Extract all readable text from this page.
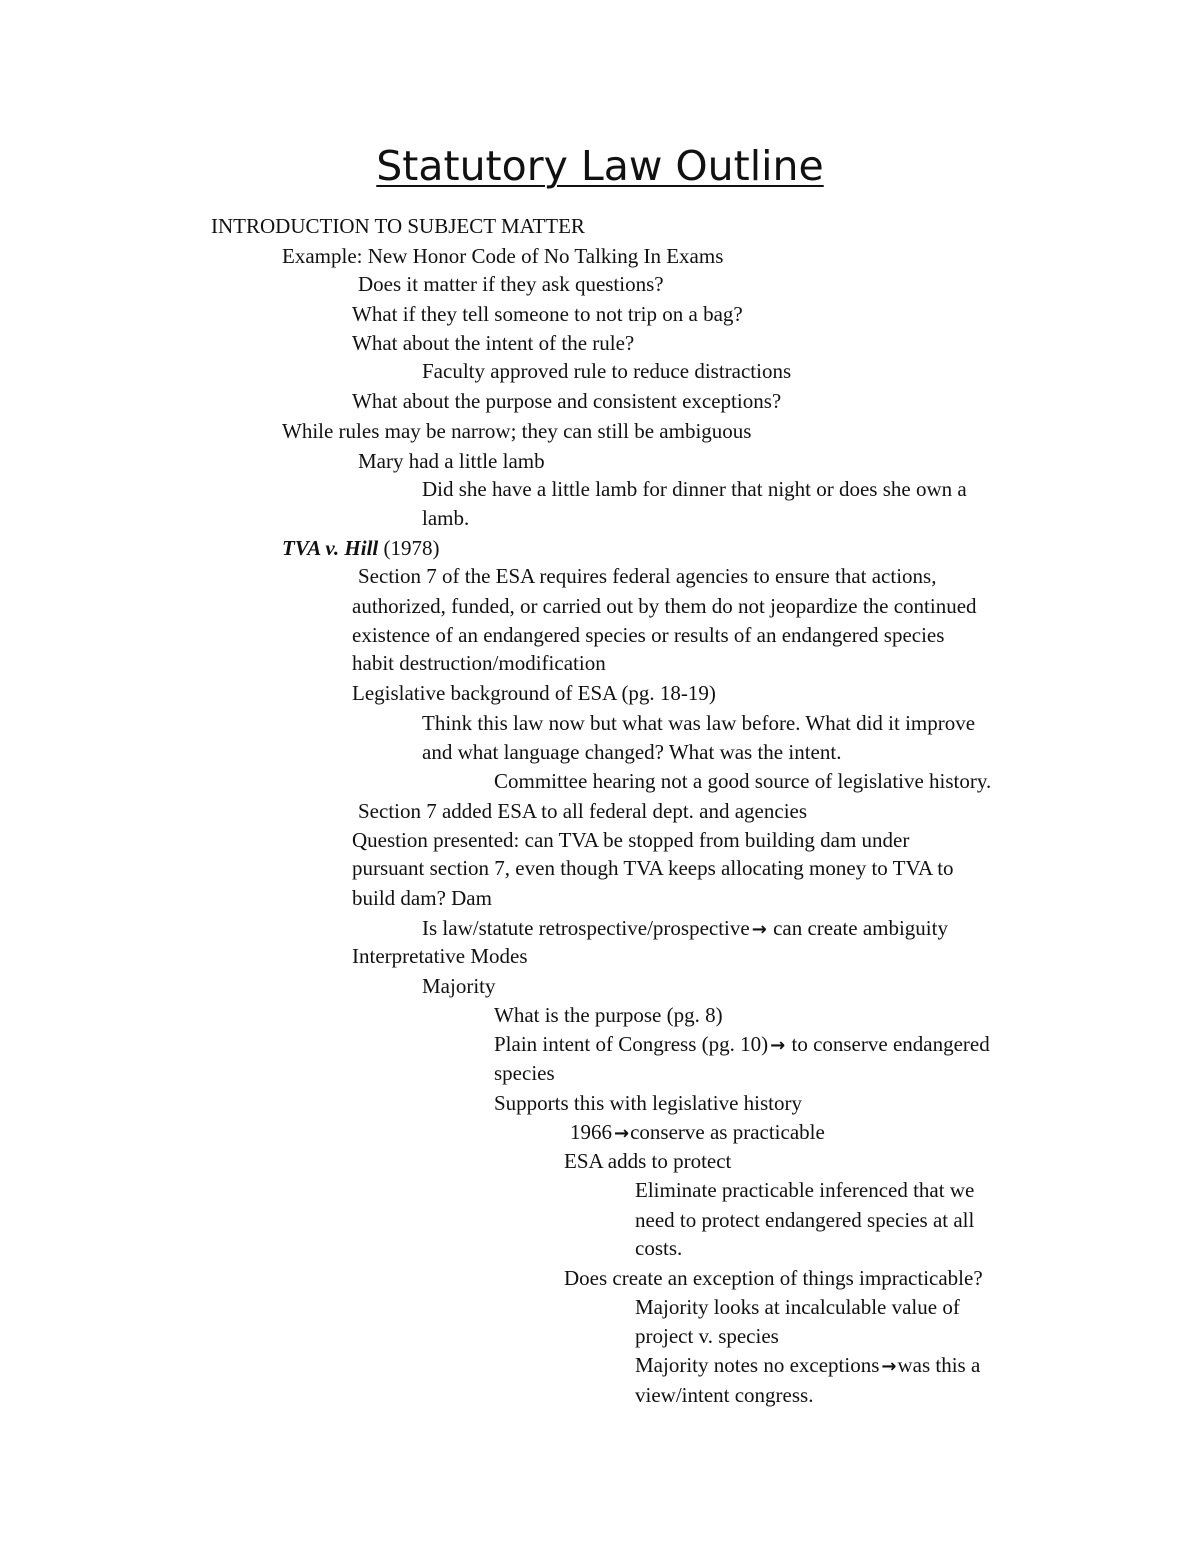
Statutory Law Outline
INTRODUCTION TO SUBJECT MATTER
Example: New Honor Code of No Talking In Exams
Does it matter if they ask questions?
What if they tell someone to not trip on a bag?
What about the intent of the rule?
Faculty approved rule to reduce distractions
What about the purpose and consistent exceptions?
While rules may be narrow; they can still be ambiguous
Mary had a little lamb
Did she have a little lamb for dinner that night or does she own a
lamb.
TVA v. Hill (1978)
Section 7 of the ESA requires federal agencies to ensure that actions,
authorized, funded, or carried out by them do not jeopardize the continued
existence of an endangered species or results of an endangered species
habit destruction/modification
Legislative background of ESA (pg. 18-19)
Think this law now but what was law before. What did it improve
and what language changed? What was the intent.
Committee hearing not a good source of legislative history.
Section 7 added ESA to all federal dept. and agencies
Question presented: can TVA be stopped from building dam under
pursuant section 7, even though TVA keeps allocating money to TVA to
build dam? Dam
Is law/statute retrospective/prospective → can create ambiguity
Interpretative Modes
Majority
What is the purpose (pg. 8)
Plain intent of Congress (pg. 10) → to conserve endangered
species
Supports this with legislative history
1966 →conserve as practicable
ESA adds to protect
Eliminate practicable inferenced that we
need to protect endangered species at all
costs.
Does create an exception of things impracticable?
Majority looks at incalculable value of
project v. species
Majority notes no exceptions →was this a
view/intent congress.
